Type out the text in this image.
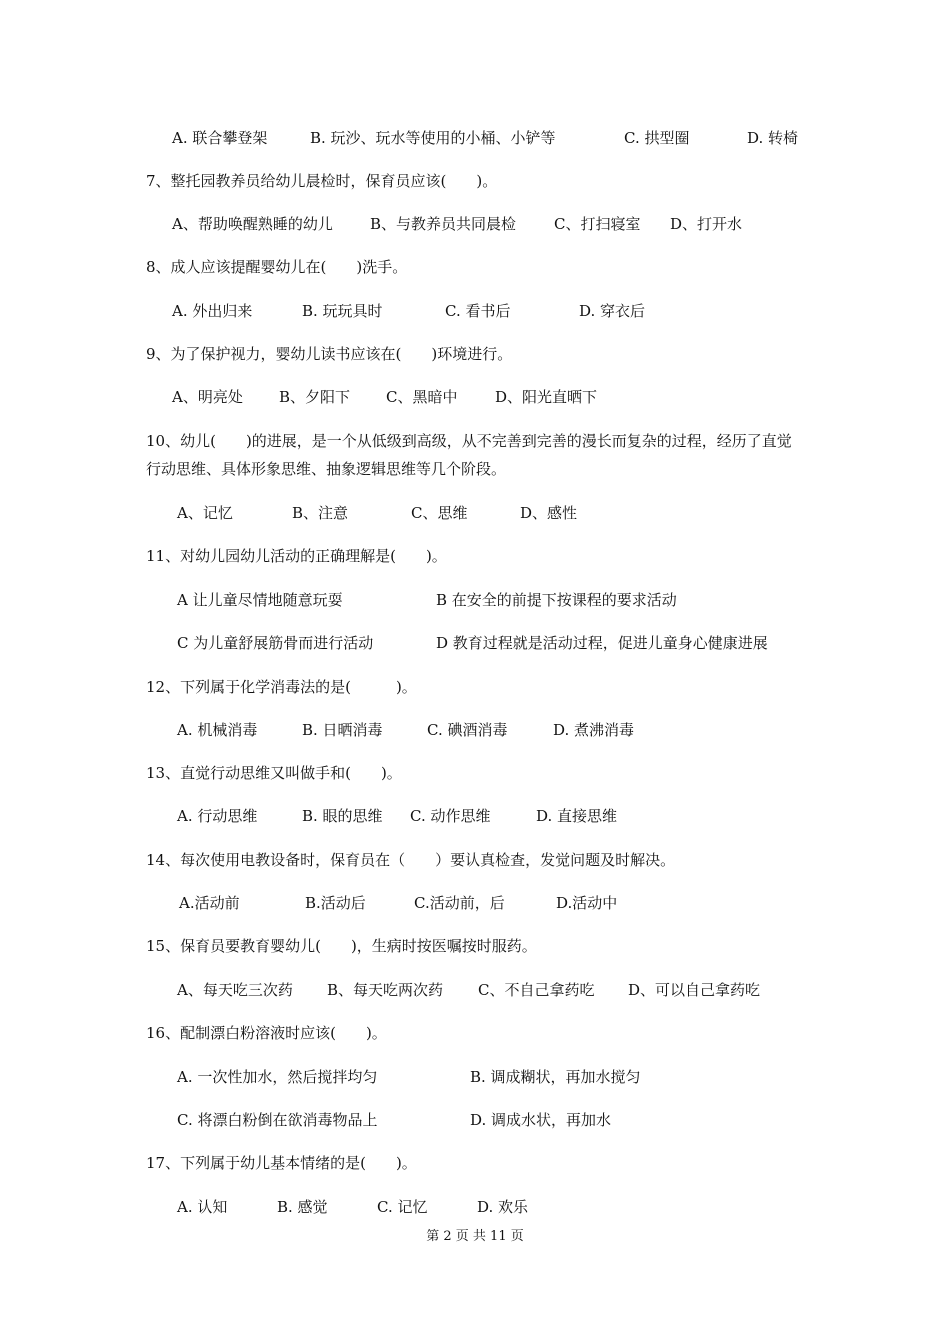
A. 联合攀登架

	B. 玩沙、玩水等使用的小桶、小铲等

	C. 拱型圈

	D. 转椅

7、整托园教养员给幼儿晨检时，保育员应该(　　)。

A、帮助唤醒熟睡的幼儿

B、与教养员共同晨检

	C、打扫寝室

D、打开水

8、成人应该提醒婴幼儿在(　　)洗手。

A. 外出归来

	B. 玩玩具时

	C. 看书后

	D. 穿衣后

9、为了保护视力，婴幼儿读书应该在(　　)环境进行。

A、明亮处

B、夕阳下

C、黑暗中

	D、阳光直晒下

10、幼儿(　　)的进展，是一个从低级到高级，从不完善到完善的漫长而复杂的过程，经历了直觉行动思维、具体形象思维、抽象逻辑思维等几个阶段。

A、记忆

	B、注意

	C、思维

	D、感性

11、对幼儿园幼儿活动的正确理解是(　　)。

A 让儿童尽情地随意玩耍

	B 在安全的前提下按课程的要求活动

C 为儿童舒展筋骨而进行活动

	D 教育过程就是活动过程，促进儿童身心健康进展

12、下列属于化学消毒法的是(　　　)。

A. 机械消毒

	B. 日晒消毒

	C. 碘酒消毒

	D. 煮沸消毒

13、直觉行动思维又叫做手和(　　)。

A. 行动思维

	B. 眼的思维

C. 动作思维

	D. 直接思维

14、每次使用电教设备时，保育员在（　　）要认真检查，发觉问题及时解决。

A.活动前

	B.活动后

	C.活动前，后

	D.活动中

15、保育员要教育婴幼儿(　　)，生病时按医嘱按时服药。

A、每天吃三次药

B、每天吃两次药

C、不自己拿药吃

D、可以自己拿药吃

16、配制漂白粉溶液时应该(　　)。

A. 一次性加水，然后搅拌均匀

	B. 调成糊状，再加水搅匀

C. 将漂白粉倒在欲消毒物品上

	D. 调成水状，再加水

17、下列属于幼儿基本情绪的是(　　)。

A. 认知

	B. 感觉

	C. 记忆

	D. 欢乐

第 2 页 共 11 页
